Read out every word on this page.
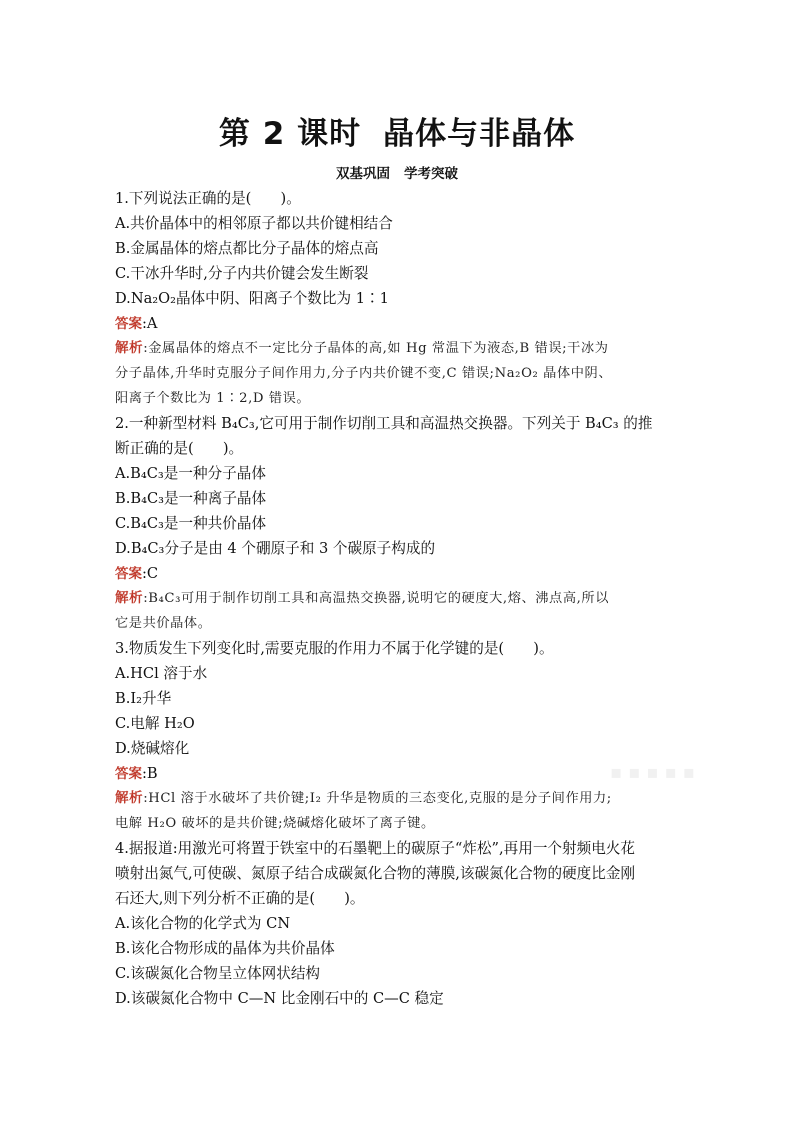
第 2 课时 晶体与非晶体
双基巩固 学考突破
1.下列说法正确的是(　　)。
A.共价晶体中的相邻原子都以共价键相结合
B.金属晶体的熔点都比分子晶体的熔点高
C.干冰升华时,分子内共价键会发生断裂
D.Na₂O₂晶体中阴、阳离子个数比为 1∶1
答案:A
解析:金属晶体的熔点不一定比分子晶体的高,如 Hg 常温下为液态,B 错误;干冰为
分子晶体,升华时克服分子间作用力,分子内共价键不变,C 错误;Na₂O₂ 晶体中阴、
阳离子个数比为 1∶2,D 错误。
2.一种新型材料 B₄C₃,它可用于制作切削工具和高温热交换器。下列关于 B₄C₃ 的推
断正确的是(　　)。
A.B₄C₃是一种分子晶体
B.B₄C₃是一种离子晶体
C.B₄C₃是一种共价晶体
D.B₄C₃分子是由 4 个硼原子和 3 个碳原子构成的
答案:C
解析:B₄C₃可用于制作切削工具和高温热交换器,说明它的硬度大,熔、沸点高,所以
它是共价晶体。
3.物质发生下列变化时,需要克服的作用力不属于化学键的是(　　)。
A.HCl 溶于水
B.I₂升华
C.电解 H₂O
D.烧碱熔化
答案:B
解析:HCl 溶于水破坏了共价键;I₂ 升华是物质的三态变化,克服的是分子间作用力;
电解 H₂O 破坏的是共价键;烧碱熔化破坏了离子键。
4.据报道:用激光可将置于铁室中的石墨靶上的碳原子“炸松”,再用一个射频电火花
喷射出氮气,可使碳、氮原子结合成碳氮化合物的薄膜,该碳氮化合物的硬度比金刚
石还大,则下列分析不正确的是(　　)。
A.该化合物的化学式为 CN
B.该化合物形成的晶体为共价晶体
C.该碳氮化合物呈立体网状结构
D.该碳氮化合物中 C—N 比金刚石中的 C—C 稳定
▪▪▪▪▪
